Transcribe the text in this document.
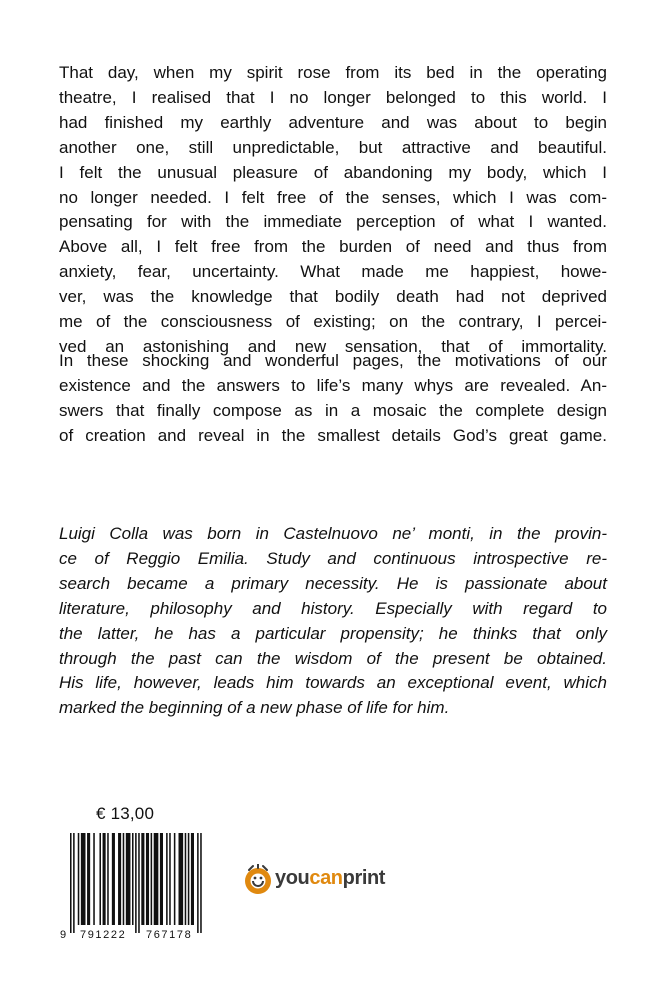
That day, when my spirit rose from its bed in the operating
theatre, I realised that I no longer belonged to this world. I
had finished my earthly adventure and was about to begin
another one, still unpredictable, but attractive and beautiful.
I felt the unusual pleasure of abandoning my body, which I
no longer needed. I felt free of the senses, which I was com-
pensating for with the immediate perception of what I wanted.
Above all, I felt free from the burden of need and thus from
anxiety, fear, uncertainty. What made me happiest, howe-
ver, was the knowledge that bodily death had not deprived
me of the consciousness of existing; on the contrary, I percei-
ved an astonishing and new sensation, that of immortality.
In these shocking and wonderful pages, the motivations of our
existence and the answers to life’s many whys are revealed. An-
swers that finally compose as in a mosaic the complete design
of creation and reveal in the smallest details God’s great game.
Luigi Colla was born in Castelnuovo ne’ monti, in the provin-
ce of Reggio Emilia. Study and continuous introspective re-
search became a primary necessity. He is passionate about
literature, philosophy and history. Especially with regard to
the latter, he has a particular propensity; he thinks that only
through the past can the wisdom of the present be obtained.
His life, however, leads him towards an exceptional event, which
marked the beginning of a new phase of life for him.
€ 13,00
9 791222 767178
youcanprint
